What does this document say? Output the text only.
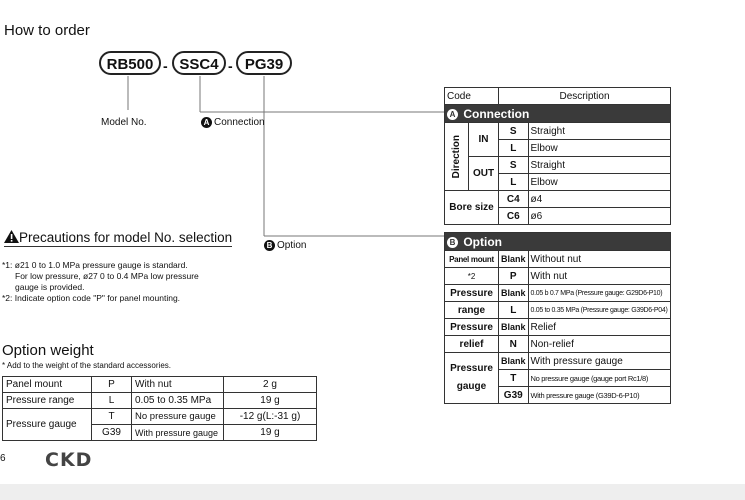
How to order
RB500 - SSC4 - PG39
Model No.	A Connection
B Option
Code		Description	
A Connection			

Direction	IN	S	Straight
		L	Elbow
	OUT	S	Straight
		L	Elbow
Bore size		C4	ø4
		C6	ø6

B Option			
Panel mount		Blank	Without nut
*2		P	With nut
Pressure		Blank	0.05 b 0.7 MPa (Pressure gauge: G29D6-P10)
range		L	0.05 to 0.35 MPa (Pressure gauge: G39D6-P04)
Pressure		Blank	Relief
relief		N	Non-relief
Pressure
gauge		Blank	With pressure gauge
		T	No pressure gauge (gauge port Rc1/8)
		G39	With pressure gauge (G39D-6-P10)
Precautions for model No. selection
*1: ø21 0 to 1.0 MPa pressure gauge is standard.
For low pressure, ø27 0 to 0.4 MPa low pressure
gauge is provided.
*2: Indicate option code "P" for panel mounting.
Option weight
* Add to the weight of the standard accessories.
Panel mount	P	With nut	2 g
Pressure range	L	0.05 to 0.35 MPa	19 g
Pressure gauge	T	No pressure gauge	-12 g(L:-31 g)
	G39	With pressure gauge	19 g
6 CKD
